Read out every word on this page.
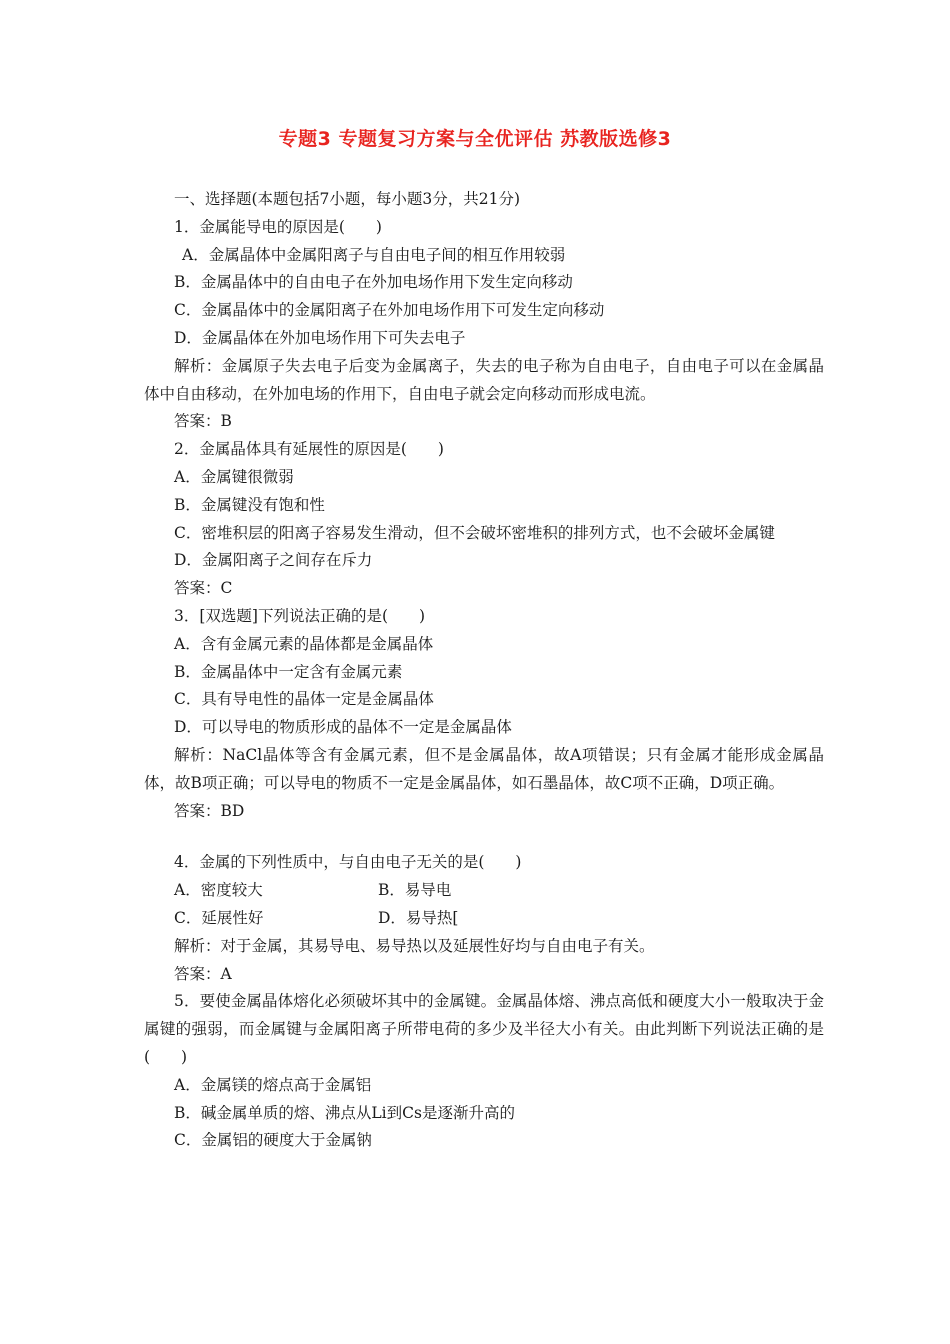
专题3 专题复习方案与全优评估 苏教版选修3
一、选择题(本题包括7小题，每小题3分，共21分)
1．金属能导电的原因是(　　)
A．金属晶体中金属阳离子与自由电子间的相互作用较弱
B．金属晶体中的自由电子在外加电场作用下发生定向移动
C．金属晶体中的金属阳离子在外加电场作用下可发生定向移动
D．金属晶体在外加电场作用下可失去电子
解析：金属原子失去电子后变为金属离子，失去的电子称为自由电子，自由电子可以在金属晶体中自由移动，在外加电场的作用下，自由电子就会定向移动而形成电流。
答案：B
2．金属晶体具有延展性的原因是(　　)
A．金属键很微弱
B．金属键没有饱和性
C．密堆积层的阳离子容易发生滑动，但不会破坏密堆积的排列方式，也不会破坏金属键
D．金属阳离子之间存在斥力
答案：C
3．[双选题]下列说法正确的是(　　)
A．含有金属元素的晶体都是金属晶体
B．金属晶体中一定含有金属元素
C．具有导电性的晶体一定是金属晶体
D．可以导电的物质形成的晶体不一定是金属晶体
解析：NaCl晶体等含有金属元素，但不是金属晶体，故A项错误；只有金属才能形成金属晶体，故B项正确；可以导电的物质不一定是金属晶体，如石墨晶体，故C项不正确，D项正确。
答案：BD
4．金属的下列性质中，与自由电子无关的是(　　)
A．密度较大	B．易导电
C．延展性好	D．易导热[
解析：对于金属，其易导电、易导热以及延展性好均与自由电子有关。
答案：A
5．要使金属晶体熔化必须破坏其中的金属键。金属晶体熔、沸点高低和硬度大小一般取决于金属键的强弱，而金属键与金属阳离子所带电荷的多少及半径大小有关。由此判断下列说法正确的是(　　)
A．金属镁的熔点高于金属铝
B．碱金属单质的熔、沸点从Li到Cs是逐渐升高的
C．金属铝的硬度大于金属钠
